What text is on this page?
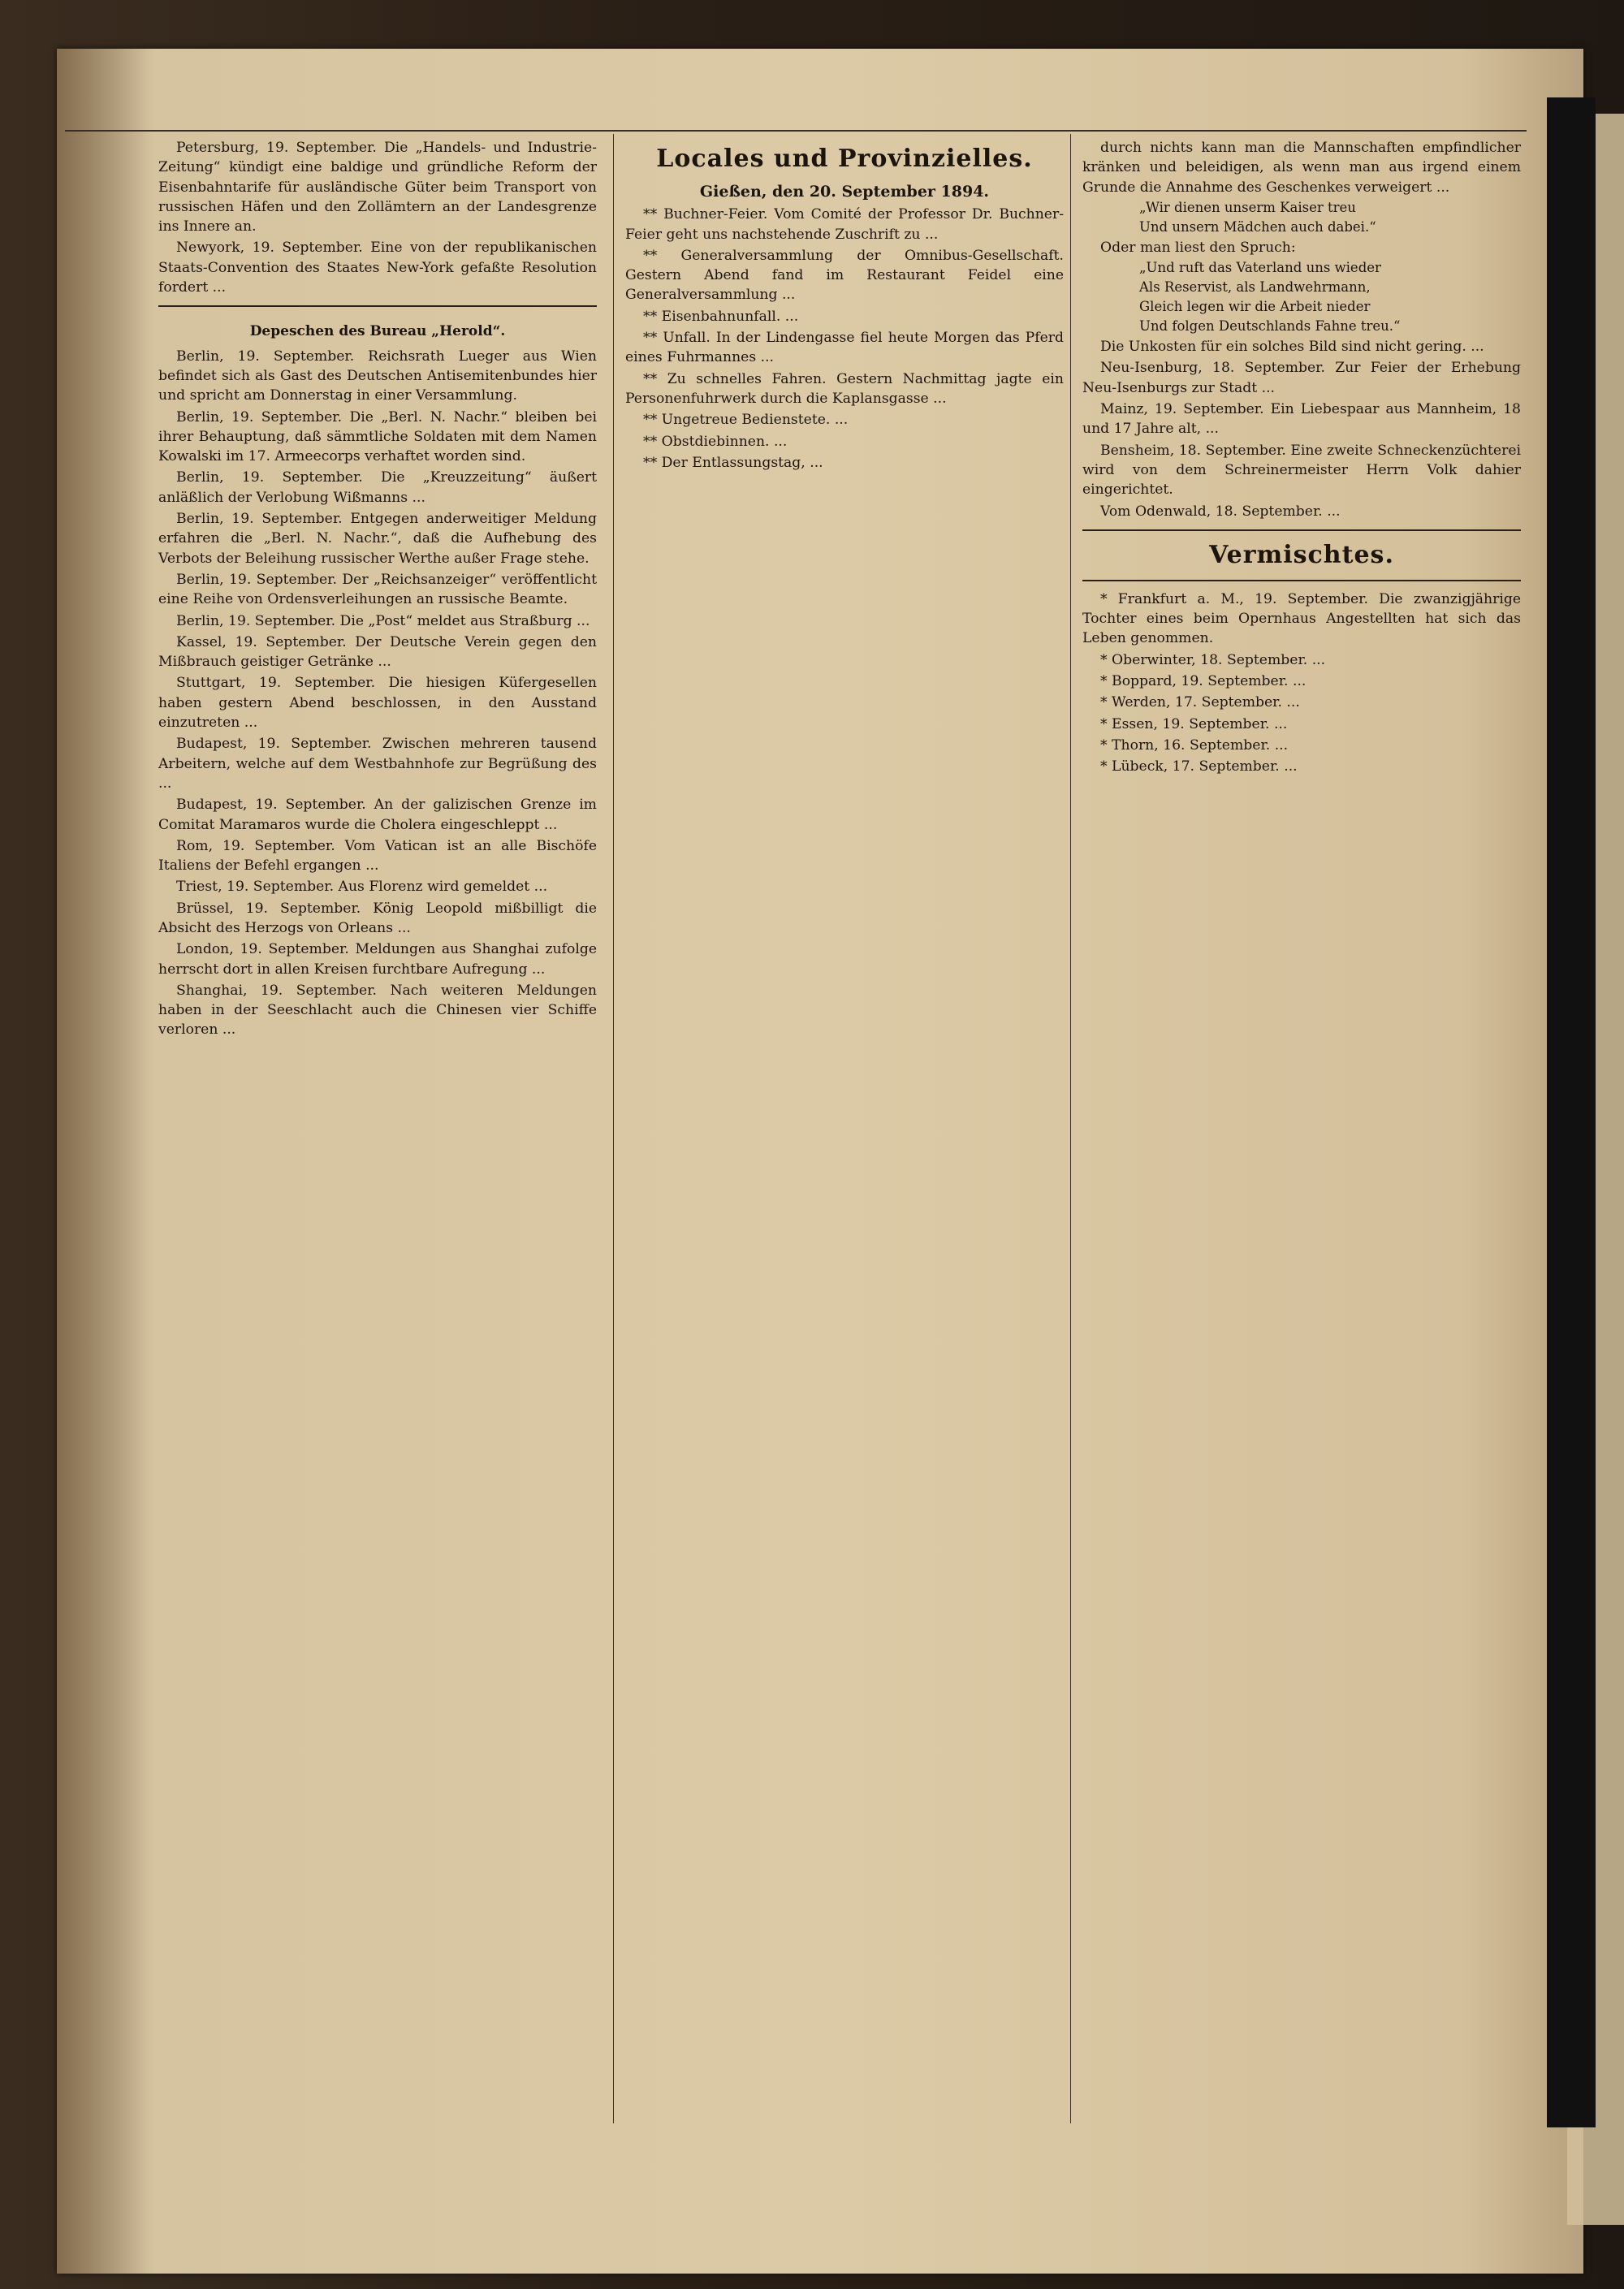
Petersburg, 19. September. Die „Handels- und Industrie-Zeitung“ kündigt eine baldige und gründliche Reform der Eisenbahntarife für ausländische Güter beim Transport von russischen Häfen und den Zollämtern an der Landesgrenze ins Innere an.

Newyork, 19. September. Eine von der republikanischen Staats-Convention des Staates New-York gefaßte Resolution fordert ...

Depeschen des Bureau „Herold“.

Berlin, 19. September. Reichsrath Lueger aus Wien befindet sich als Gast des Deutschen Antisemitenbundes hier und spricht am Donnerstag in einer Versammlung.

Berlin, 19. September. Die „Berl. N. Nachr.“ bleiben bei ihrer Behauptung, daß sämmtliche Soldaten mit dem Namen Kowalski im 17. Armeecorps verhaftet worden sind.

Berlin, 19. September. Die „Kreuzzeitung“ äußert anläßlich der Verlobung Wißmanns ...

Berlin, 19. September. Entgegen anderweitiger Meldung erfahren die „Berl. N. Nachr.“, daß die Aufhebung des Verbots der Beleihung russischer Werthe außer Frage stehe.

Berlin, 19. September. Der „Reichsanzeiger“ veröffentlicht eine Reihe von Ordensverleihungen an russische Beamte.

Berlin, 19. September. Die „Post“ meldet aus Straßburg ...

Kassel, 19. September. Der Deutsche Verein gegen den Mißbrauch geistiger Getränke ...

Stuttgart, 19. September. Die hiesigen Küfergesellen haben gestern Abend beschlossen, in den Ausstand einzutreten ...

Budapest, 19. September. Zwischen mehreren tausend Arbeitern, welche auf dem Westbahnhofe zur Begrüßung des ...

Budapest, 19. September. An der galizischen Grenze im Comitat Maramaros wurde die Cholera eingeschleppt ...

Rom, 19. September. Vom Vatican ist an alle Bischöfe Italiens der Befehl ergangen ...

Triest, 19. September. Aus Florenz wird gemeldet ...

Brüssel, 19. September. König Leopold mißbilligt die Absicht des Herzogs von Orleans ...

London, 19. September. Meldungen aus Shanghai zufolge herrscht dort in allen Kreisen furchtbare Aufregung ...

Shanghai, 19. September. Nach weiteren Meldungen haben in der Seeschlacht auch die Chinesen vier Schiffe verloren ...

Locales und Provinzielles.
Gießen, den 20. September 1894.

** Buchner-Feier. Vom Comité der Professor Dr. Buchner-Feier geht uns nachstehende Zuschrift zu ...

** Generalversammlung der Omnibus-Gesellschaft. Gestern Abend fand im Restaurant Feidel eine Generalversammlung ...

** Eisenbahnunfall. ...

** Unfall. In der Lindengasse fiel heute Morgen das Pferd eines Fuhrmannes ...

** Zu schnelles Fahren. Gestern Nachmittag jagte ein Personenfuhrwerk durch die Kaplansgasse ...

** Ungetreue Bedienstete. ...

** Obstdiebinnen. ...

** Der Entlassungstag, ...

durch nichts kann man die Mannschaften empfindlicher kränken und beleidigen, als wenn man aus irgend einem Grunde die Annahme des Geschenkes verweigert ...

„Wir dienen unserm Kaiser treu
Und unsern Mädchen auch dabei.“

Oder man liest den Spruch:

„Und ruft das Vaterland uns wieder
Als Reservist, als Landwehrmann,
Gleich legen wir die Arbeit nieder
Und folgen Deutschlands Fahne treu.“

Die Unkosten für ein solches Bild sind nicht gering. ...

Neu-Isenburg, 18. September. Zur Feier der Erhebung Neu-Isenburgs zur Stadt ...

Mainz, 19. September. Ein Liebespaar aus Mannheim, 18 und 17 Jahre alt, ...

Bensheim, 18. September. Eine zweite Schneckenzüchterei wird von dem Schreinermeister Herrn Volk dahier eingerichtet.

Vom Odenwald, 18. September. ...

Vermischtes.

* Frankfurt a. M., 19. September. Die zwanzigjährige Tochter eines beim Opernhaus Angestellten hat sich das Leben genommen.

* Oberwinter, 18. September. ...

* Boppard, 19. September. ...

* Werden, 17. September. ...

* Essen, 19. September. ...

* Thorn, 16. September. ...

* Lübeck, 17. September. ...
